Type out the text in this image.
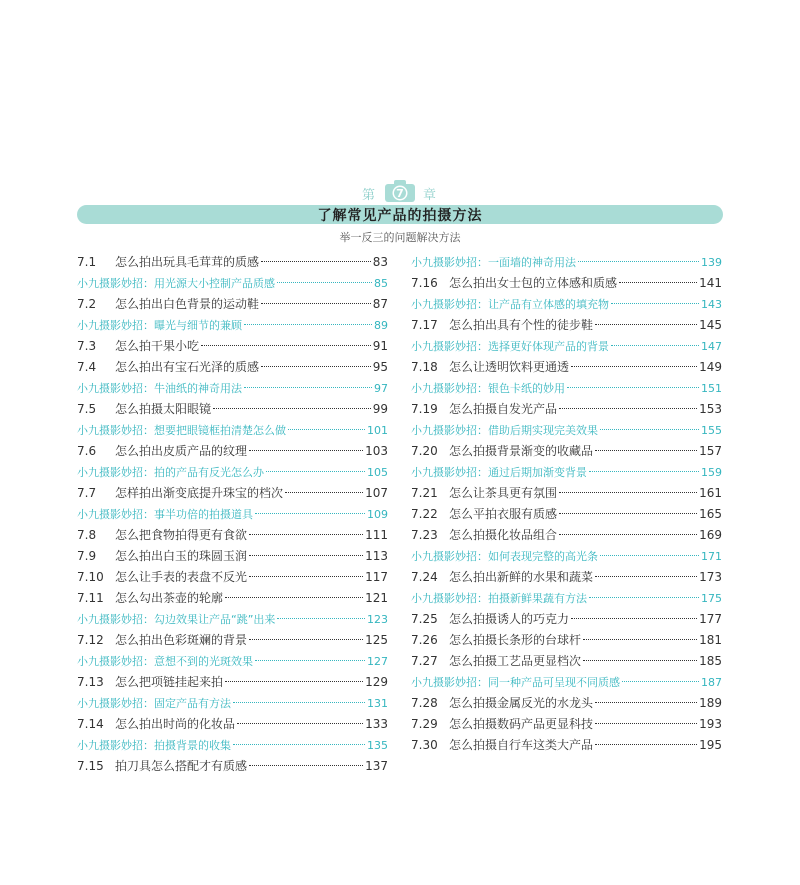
第 7 章
了解常见产品的拍摄方法
举一反三的问题解决方法
7.1	怎么拍出玩具毛茸茸的质感	83
小九摄影妙招：用光源大小控制产品质感	85
7.2	怎么拍出白色背景的运动鞋	87
小九摄影妙招：曝光与细节的兼顾	89
7.3	怎么拍干果小吃	91
7.4	怎么拍出有宝石光泽的质感	95
小九摄影妙招：牛油纸的神奇用法	97
7.5	怎么拍摄太阳眼镜	99
小九摄影妙招：想要把眼镜框拍清楚怎么做	101
7.6	怎么拍出皮质产品的纹理	103
小九摄影妙招：拍的产品有反光怎么办	105
7.7	怎样拍出渐变底提升珠宝的档次	107
小九摄影妙招：事半功倍的拍摄道具	109
7.8	怎么把食物拍得更有食欲	111
7.9	怎么拍出白玉的珠圆玉润	113
7.10 怎么让手表的表盘不反光	117
7.11 怎么勾出茶壶的轮廓	121
小九摄影妙招：勾边效果让产品“跳”出来	123
7.12 怎么拍出色彩斑斓的背景	125
小九摄影妙招：意想不到的光斑效果	127
7.13 怎么把项链挂起来拍	129
小九摄影妙招：固定产品有方法	131
7.14 怎么拍出时尚的化妆品	133
小九摄影妙招：拍摄背景的收集	135
7.15 拍刀具怎么搭配才有质感	137
小九摄影妙招：一面墙的神奇用法	139
7.16 怎么拍出女士包的立体感和质感	141
小九摄影妙招：让产品有立体感的填充物	143
7.17 怎么拍出具有个性的徒步鞋	145
小九摄影妙招：选择更好体现产品的背景	147
7.18 怎么让透明饮料更通透	149
小九摄影妙招：银色卡纸的妙用	151
7.19 怎么拍摄自发光产品	153
小九摄影妙招：借助后期实现完美效果	155
7.20 怎么拍摄背景渐变的收藏品	157
小九摄影妙招：通过后期加渐变背景	159
7.21 怎么让茶具更有氛围	161
7.22 怎么平拍衣服有质感	165
7.23 怎么拍摄化妆品组合	169
小九摄影妙招：如何表现完整的高光条	171
7.24 怎么拍出新鲜的水果和蔬菜	173
小九摄影妙招：拍摄新鲜果蔬有方法	175
7.25 怎么拍摄诱人的巧克力	177
7.26 怎么拍摄长条形的台球杆	181
7.27 怎么拍摄工艺品更显档次	185
小九摄影妙招：同一种产品可呈现不同质感	187
7.28 怎么拍摄金属反光的水龙头	189
7.29 怎么拍摄数码产品更显科技	193
7.30 怎么拍摄自行车这类大产品	195
